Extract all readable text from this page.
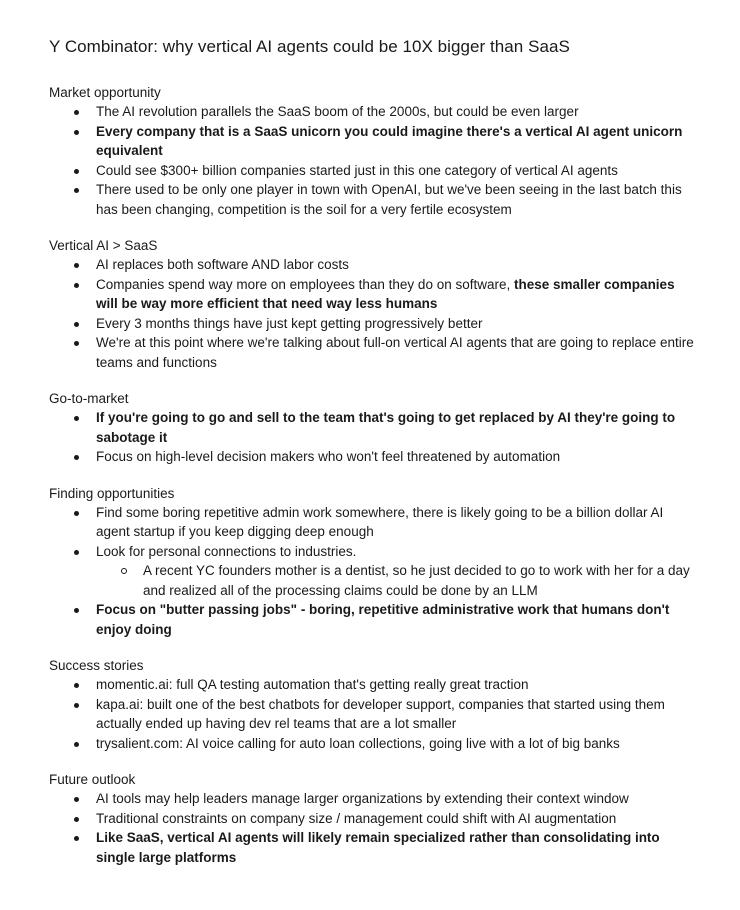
Y Combinator: why vertical AI agents could be 10X bigger than SaaS
Market opportunity
The AI revolution parallels the SaaS boom of the 2000s, but could be even larger
Every company that is a SaaS unicorn you could imagine there's a vertical AI agent unicorn equivalent
Could see $300+ billion companies started just in this one category of vertical AI agents
There used to be only one player in town with OpenAI, but we've been seeing in the last batch this has been changing, competition is the soil for a very fertile ecosystem
Vertical AI > SaaS
AI replaces both software AND labor costs
Companies spend way more on employees than they do on software, these smaller companies will be way more efficient that need way less humans
Every 3 months things have just kept getting progressively better
We're at this point where we're talking about full-on vertical AI agents that are going to replace entire teams and functions
Go-to-market
If you're going to go and sell to the team that's going to get replaced by AI they're going to sabotage it
Focus on high-level decision makers who won't feel threatened by automation
Finding opportunities
Find some boring repetitive admin work somewhere, there is likely going to be a billion dollar AI agent startup if you keep digging deep enough
Look for personal connections to industries.
A recent YC founders mother is a dentist, so he just decided to go to work with her for a day and realized all of the processing claims could be done by an LLM
Focus on "butter passing jobs" - boring, repetitive administrative work that humans don't enjoy doing
Success stories
momentic.ai: full QA testing automation that's getting really great traction
kapa.ai: built one of the best chatbots for developer support, companies that started using them actually ended up having dev rel teams that are a lot smaller
trysalient.com: AI voice calling for auto loan collections, going live with a lot of big banks
Future outlook
AI tools may help leaders manage larger organizations by extending their context window
Traditional constraints on company size / management could shift with AI augmentation
Like SaaS, vertical AI agents will likely remain specialized rather than consolidating into single large platforms
